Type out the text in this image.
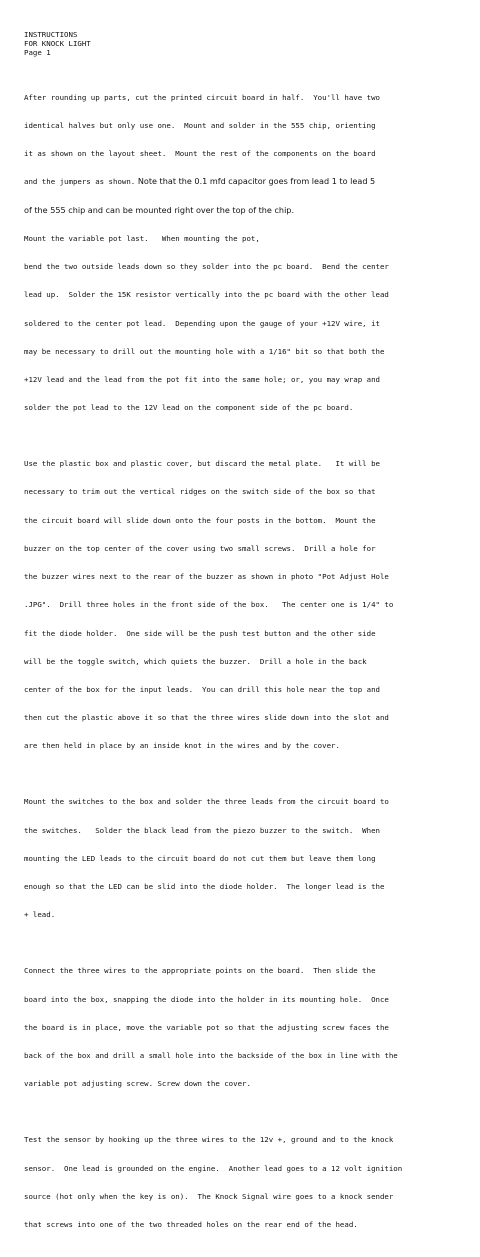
INSTRUCTIONS
FOR KNOCK LIGHT
Page 1

After rounding up parts, cut the printed circuit board in half.  You'll have two

identical halves but only use one.  Mount and solder in the 555 chip, orienting

it as shown on the layout sheet.  Mount the rest of the components on the board

and the jumpers as shown. Note that the 0.1 mfd capacitor goes from lead 1 to lead 5

of the 555 chip and can be mounted right over the top of the chip.

Mount the variable pot last.   When mounting the pot,

bend the two outside leads down so they solder into the pc board.  Bend the center

lead up.  Solder the 15K resistor vertically into the pc board with the other lead

soldered to the center pot lead.  Depending upon the gauge of your +12V wire, it

may be necessary to drill out the mounting hole with a 1/16" bit so that both the

+12V lead and the lead from the pot fit into the same hole; or, you may wrap and

solder the pot lead to the 12V lead on the component side of the pc board.

Use the plastic box and plastic cover, but discard the metal plate.   It will be

necessary to trim out the vertical ridges on the switch side of the box so that

the circuit board will slide down onto the four posts in the bottom.  Mount the

buzzer on the top center of the cover using two small screws.  Drill a hole for

the buzzer wires next to the rear of the buzzer as shown in photo "Pot Adjust Hole

.JPG".  Drill three holes in the front side of the box.   The center one is 1/4" to

fit the diode holder.  One side will be the push test button and the other side

will be the toggle switch, which quiets the buzzer.  Drill a hole in the back

center of the box for the input leads.  You can drill this hole near the top and

then cut the plastic above it so that the three wires slide down into the slot and

are then held in place by an inside knot in the wires and by the cover.

Mount the switches to the box and solder the three leads from the circuit board to

the switches.   Solder the black lead from the piezo buzzer to the switch.  When

mounting the LED leads to the circuit board do not cut them but leave them long

enough so that the LED can be slid into the diode holder.  The longer lead is the

+ lead.

Connect the three wires to the appropriate points on the board.  Then slide the

board into the box, snapping the diode into the holder in its mounting hole.  Once

the board is in place, move the variable pot so that the adjusting screw faces the

back of the box and drill a small hole into the backside of the box in line with the

variable pot adjusting screw. Screw down the cover.

Test the sensor by hooking up the three wires to the 12v +, ground and to the knock

sensor.  One lead is grounded on the engine.  Another lead goes to a 12 volt ignition

source (hot only when the key is on).  The Knock Signal wire goes to a knock sender

that screws into one of the two threaded holes on the rear end of the head.
